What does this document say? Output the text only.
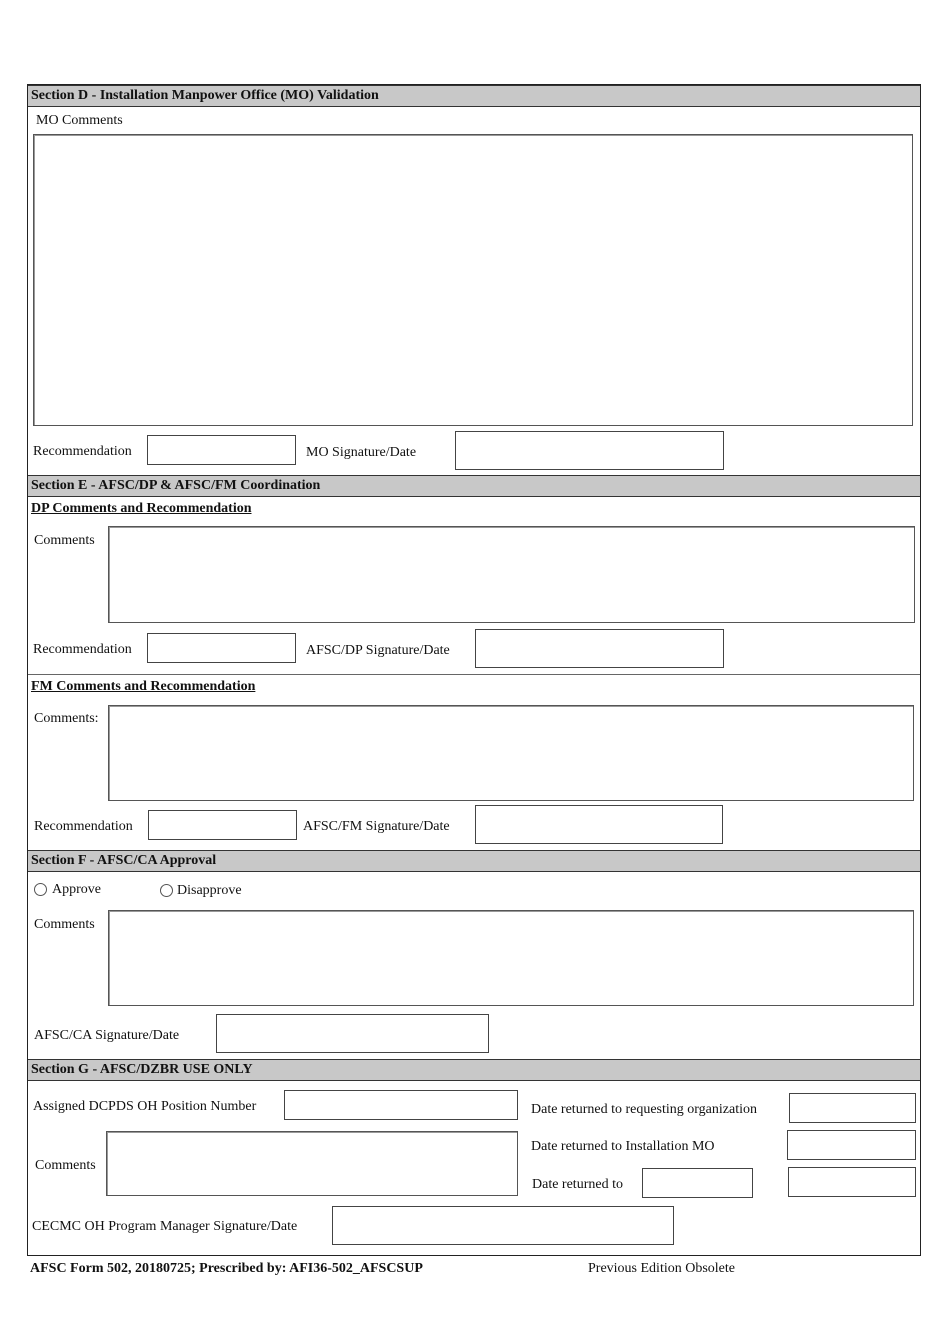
Section D - Installation Manpower Office (MO) Validation
MO Comments
Recommendation	MO Signature/Date
Section E - AFSC/DP & AFSC/FM Coordination
DP Comments and Recommendation
Comments
Recommendation	AFSC/DP Signature/Date
FM Comments and Recommendation
Comments:
Recommendation	AFSC/FM Signature/Date
Section F - AFSC/CA Approval
Approve	Disapprove
Comments
AFSC/CA Signature/Date
Section G - AFSC/DZBR USE ONLY
Assigned DCPDS OH Position Number	Date returned to requesting organization
Comments
Date returned to Installation MO
Date returned to
CECMC OH Program Manager Signature/Date
AFSC Form 502, 20180725; Prescribed by: AFI36-502_AFSCSUP	Previous Edition Obsolete
